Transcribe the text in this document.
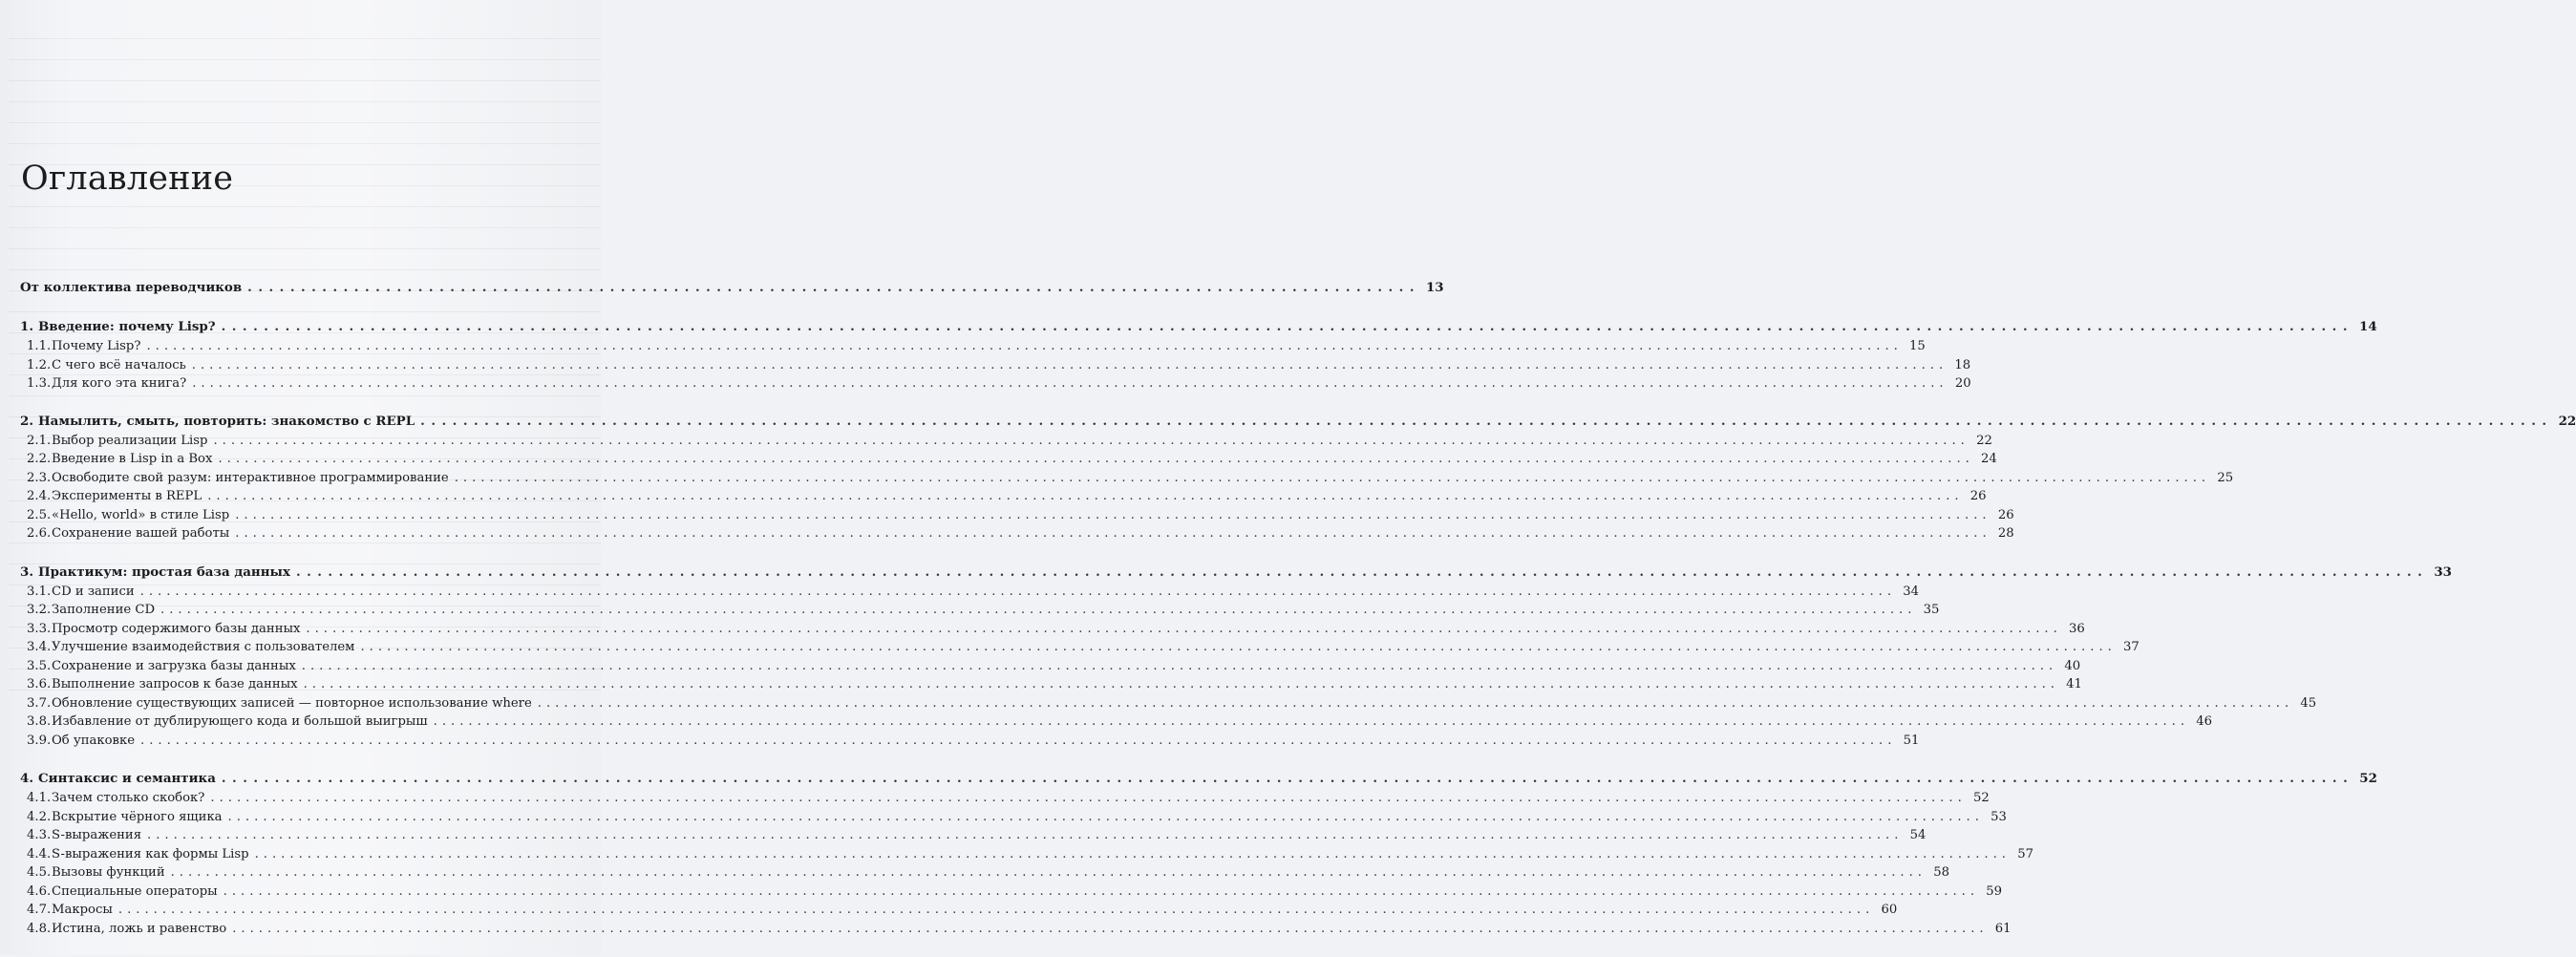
Оглавление
От коллектива переводчиков .............................................................................................................. 13
1. Введение: почему Lisp? ........................................................................................................................................................................................................ 14
1.1. Почему Lisp? ........................................................................................................................................................................................................ 15
1.2. С чего всё началось ........................................................................................................................................................................................................ 18
1.3. Для кого эта книга? ........................................................................................................................................................................................................ 20
2. Намылить, смыть, повторить: знакомство с REPL ........................................................................................................................................................................................................ 22
2.1. Выбор реализации Lisp ........................................................................................................................................................................................................ 22
2.2. Введение в Lisp in a Box ........................................................................................................................................................................................................ 24
2.3. Освободите свой разум: интерактивное программирование ........................................................................................................................................................................................................ 25
2.4. Эксперименты в REPL ........................................................................................................................................................................................................ 26
2.5. «Hello, world» в стиле Lisp ........................................................................................................................................................................................................ 26
2.6. Сохранение вашей работы ........................................................................................................................................................................................................ 28
3. Практикум: простая база данных ........................................................................................................................................................................................................ 33
3.1. CD и записи ........................................................................................................................................................................................................ 34
3.2. Заполнение CD ........................................................................................................................................................................................................ 35
3.3. Просмотр содержимого базы данных ........................................................................................................................................................................................................ 36
3.4. Улучшение взаимодействия с пользователем ........................................................................................................................................................................................................ 37
3.5. Сохранение и загрузка базы данных ........................................................................................................................................................................................................ 40
3.6. Выполнение запросов к базе данных ........................................................................................................................................................................................................ 41
3.7. Обновление существующих записей — повторное использование where ........................................................................................................................................................................................................ 45
3.8. Избавление от дублирующего кода и большой выигрыш ........................................................................................................................................................................................................ 46
3.9. Об упаковке ........................................................................................................................................................................................................ 51
4. Синтаксис и семантика ........................................................................................................................................................................................................ 52
4.1. Зачем столько скобок? ........................................................................................................................................................................................................ 52
4.2. Вскрытие чёрного ящика ........................................................................................................................................................................................................ 53
4.3. S-выражения ........................................................................................................................................................................................................ 54
4.4. S-выражения как формы Lisp ........................................................................................................................................................................................................ 57
4.5. Вызовы функций ........................................................................................................................................................................................................ 58
4.6. Специальные операторы ........................................................................................................................................................................................................ 59
4.7. Макросы ........................................................................................................................................................................................................ 60
4.8. Истина, ложь и равенство ........................................................................................................................................................................................................ 61
